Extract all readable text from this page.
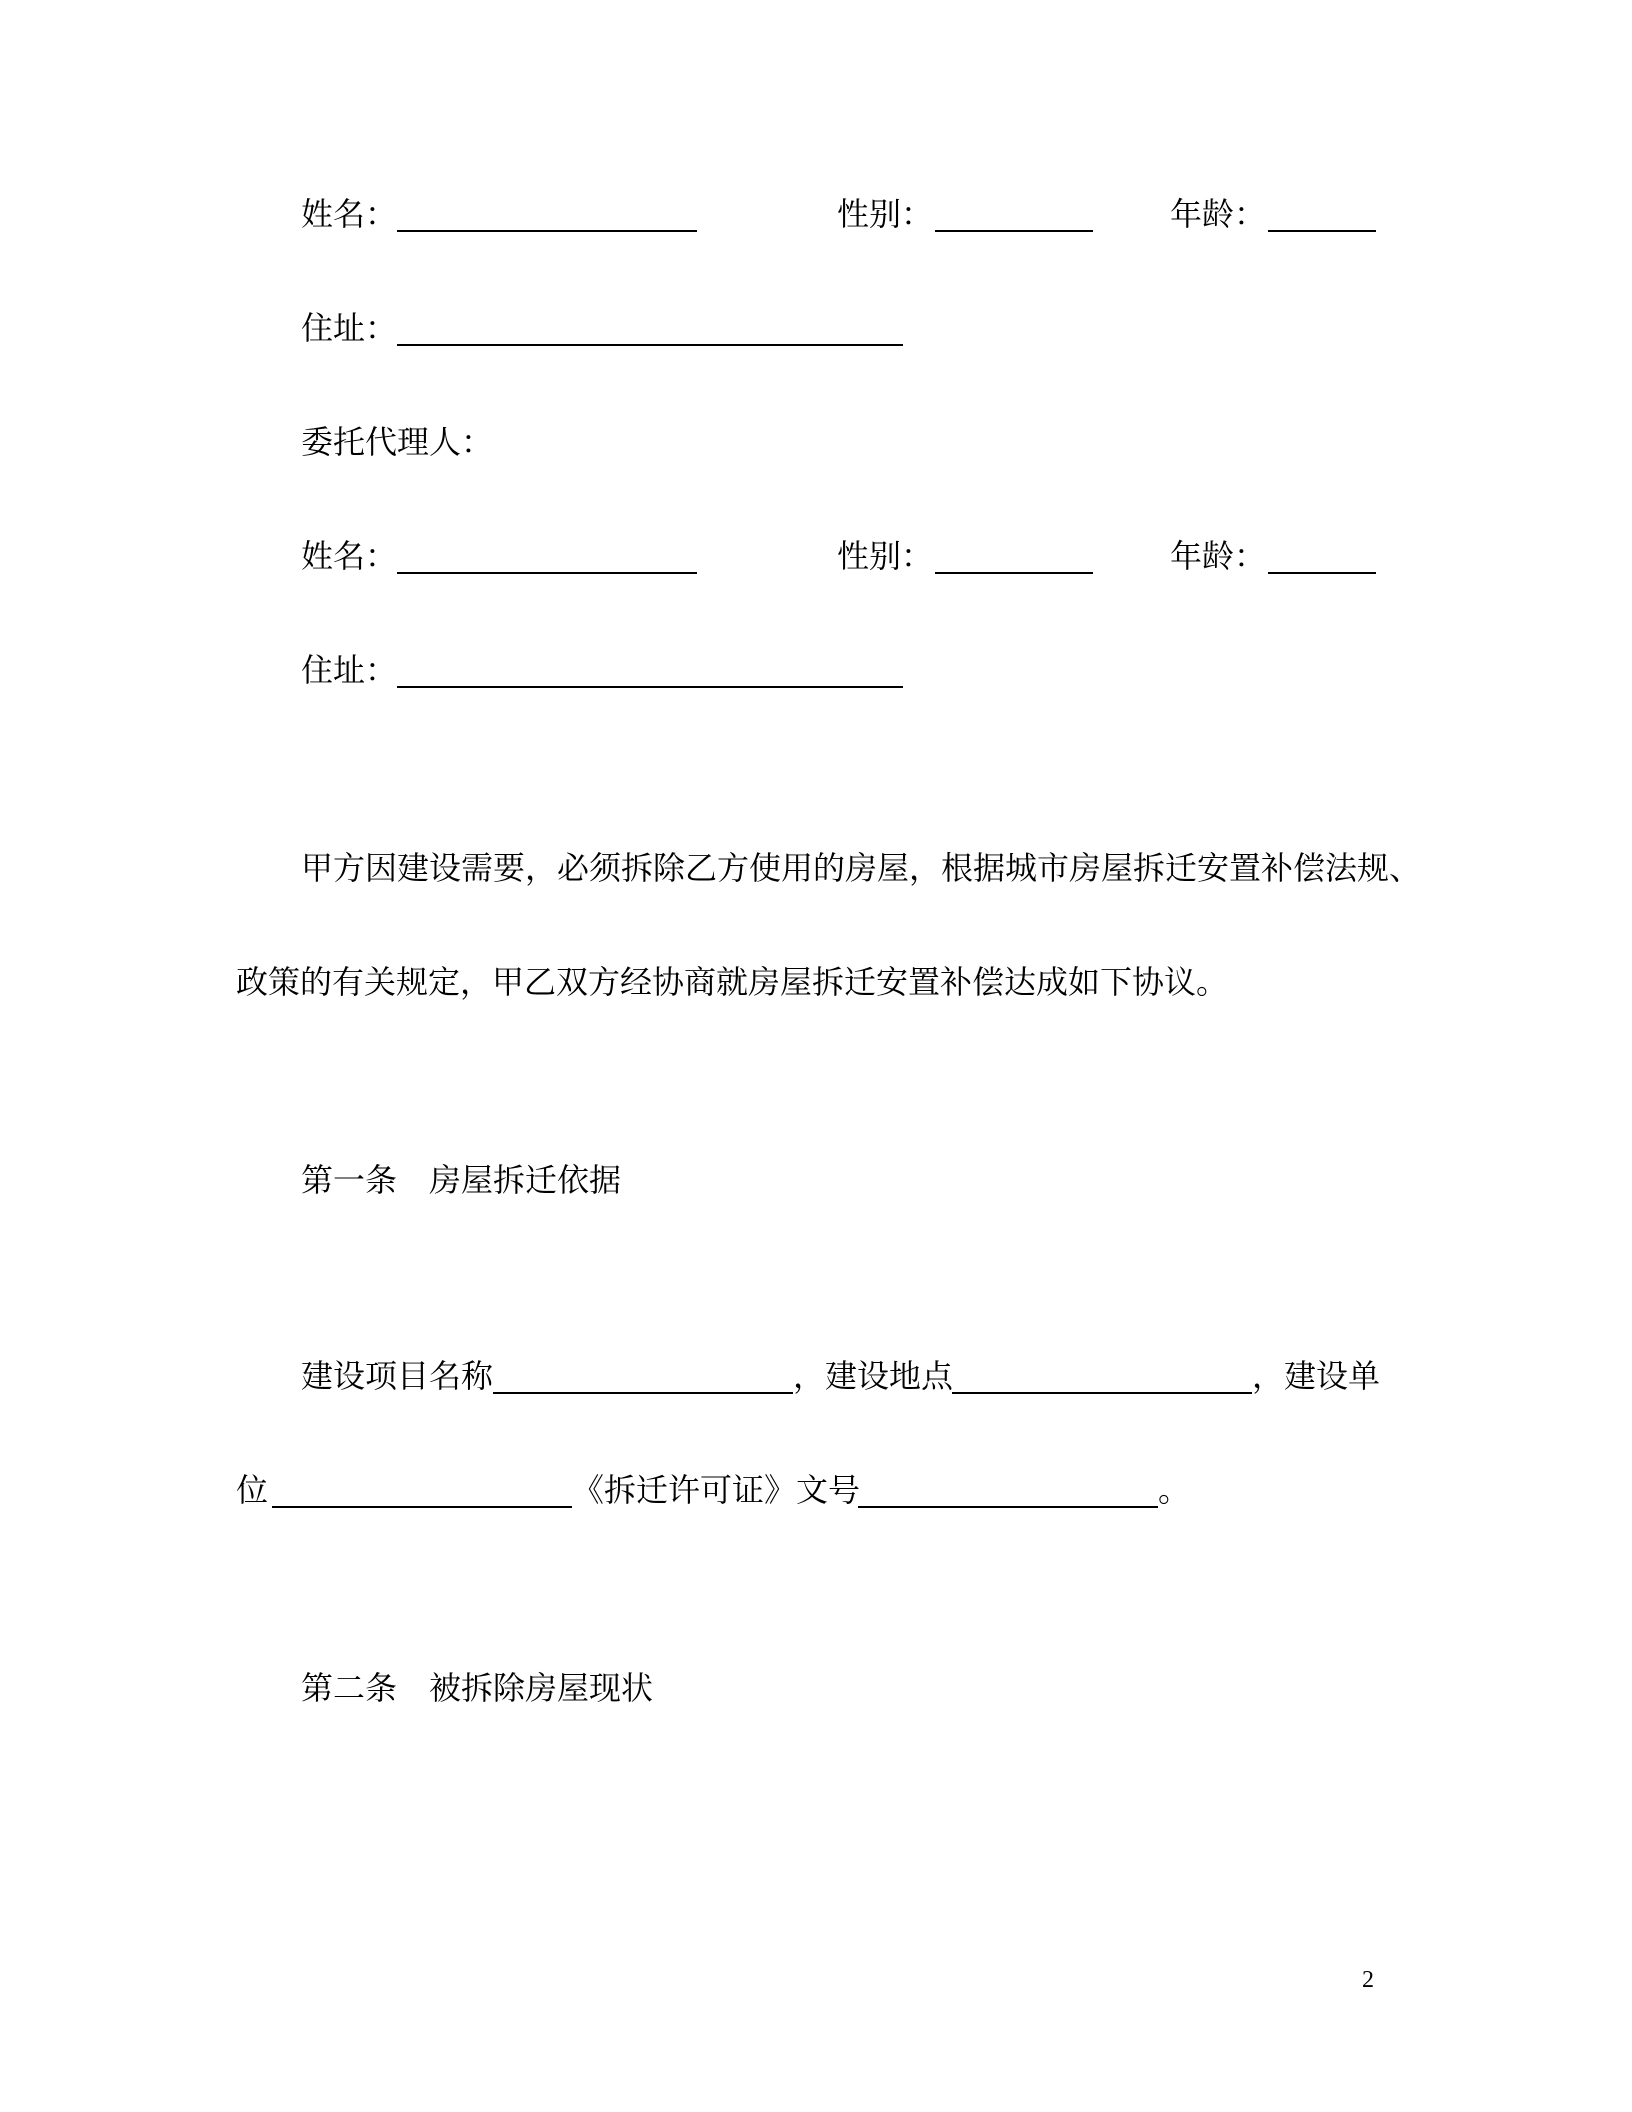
姓名：	性别：	年龄：
住址：
委托代理人：
姓名：	性别：	年龄：
住址：
甲方因建设需要，必须拆除乙方使用的房屋，根据城市房屋拆迁安置补偿法规、
政策的有关规定，甲乙双方经协商就房屋拆迁安置补偿达成如下协议。
第一条 房屋拆迁依据
建设项目名称	，建设地点	，建设单
位	《拆迁许可证》文号	。
第二条 被拆除房屋现状
2
